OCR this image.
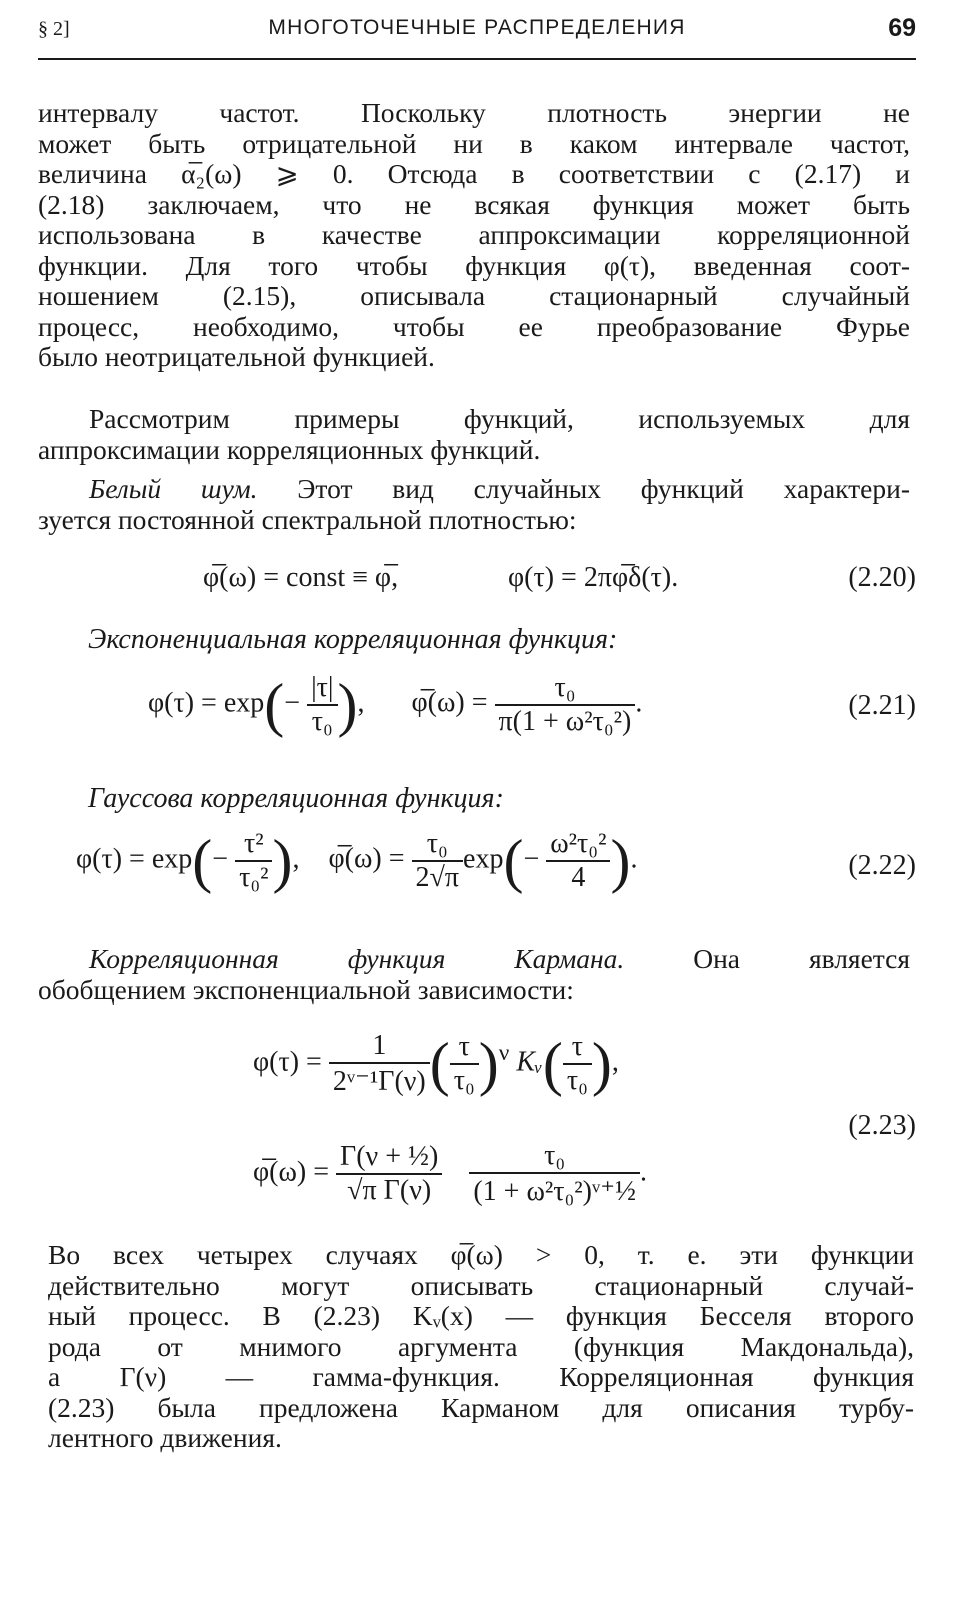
§ 2]	МНОГОТОЧЕЧНЫЕ РАСПРЕДЕЛЕНИЯ	69
интервалу частот. Поскольку плотность энергии не
может быть отрицательной ни в каком интервале частот,
величина α̅₂(ω) ⩾ 0. Отсюда в соответствии с (2.17) и
(2.18) заключаем, что не всякая функция может быть
использована в качестве аппроксимации корреляционной
функции. Для того чтобы функция φ(τ), введенная соот-
ношением (2.15), описывала стационарный случайный
процесс, необходимо, чтобы ее преобразование Фурье
было неотрицательной функцией.
Рассмотрим примеры функций, используемых для
аппроксимации корреляционных функций.
Белый шум. Этот вид случайных функций характери-
зуется постоянной спектральной плотностью:
φ̅(ω) = const ≡ φ̅,	φ(τ) = 2πφ̅δ(τ).	(2.20)
Экспоненциальная корреляционная функция:
$\varphi(\tau) = \exp(- \frac{|\tau|}{\text{τ₀}}$ ), φ̅(ω) = $\frac{\text{τ₀}}{\text{π(1 + ω²τ₀²)}}$ .	(2.21)
Гауссова корреляционная функция:
$\varphi(\tau) = \exp(- \frac{\text{τ²}}{\text{τ₀²}}$ ), φ̅(ω) = $\frac{\text{τ₀}}{2√\pi} \exp(- \frac{\text{ω²τ₀²}}{4}$ ).	(2.22)
Корреляционная функция Кармана. Она является
обобщением экспоненциальной зависимости:
$\varphi(\tau) = \frac{1}{\text{2ᵛ⁻¹Γ(ν)}}$ ( $\frac{\tau}{\text{τ₀}} )^\nu$ Kᵥ( $\frac{\tau}{\text{τ₀}}$ ),
φ̅(ω) = $\frac{\text{Γ(ν + ½)}}{\text{√π Γ(ν)}}$
$\frac{\text{τ₀}}{\text{(1 + ω²τ₀²)ᵛ⁺½}}$ .
(2.23)
Во всех четырех случаях φ̅(ω) > 0, т. е. эти функции
действительно могут описывать стационарный случай-
ный процесс. В (2.23) Kᵥ(x) — функция Бесселя второго
рода от мнимого аргумента (функция Макдональда),
а Γ(ν) — гамма-функция. Корреляционная функция
(2.23) была предложена Карманом для описания турбу-
лентного движения.
